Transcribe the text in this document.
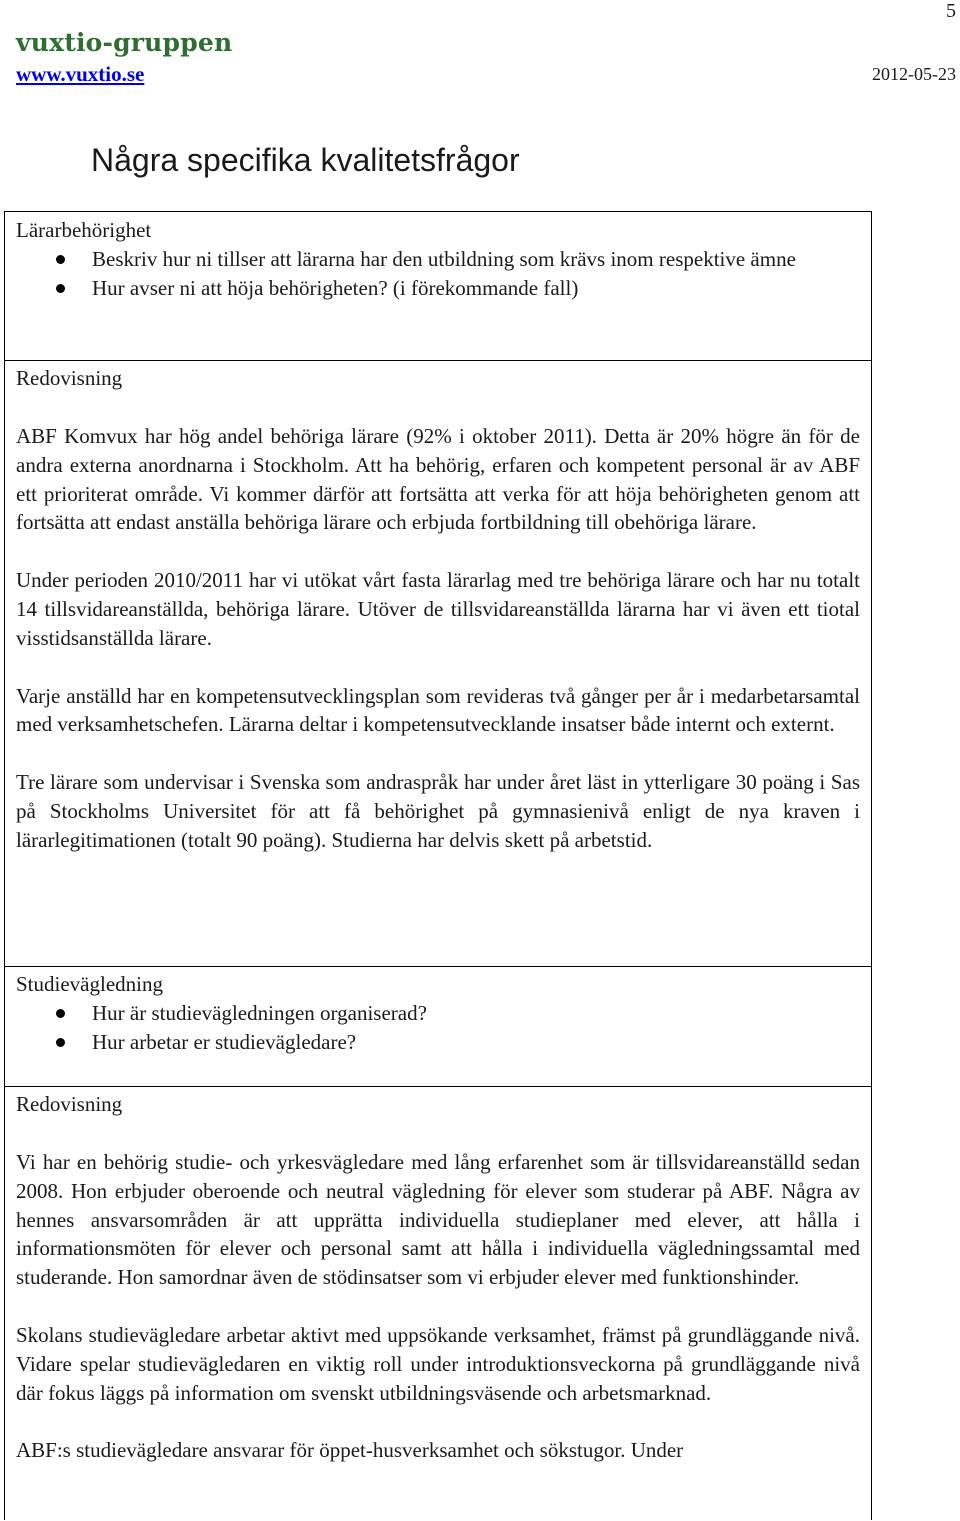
5
vuxtio-gruppen
www.vuxtio.se	2012-05-23
Några specifika kvalitetsfrågor

Lärarbehörighet

Beskriv hur ni tillser att lärarna har den utbildning som krävs inom respektive ämne
Hur avser ni att höja behörigheten? (i förekommande fall)

Redovisning

ABF Komvux har hög andel behöriga lärare (92% i oktober 2011). Detta är 20% högre än för de andra externa anordnarna i Stockholm. Att ha behörig, erfaren och kompetent personal är av ABF ett prioriterat område. Vi kommer därför att fortsätta att verka för att höja behörigheten genom att fortsätta att endast anställa behöriga lärare och erbjuda fortbildning till obehöriga lärare.

Under perioden 2010/2011 har vi utökat vårt fasta lärarlag med tre behöriga lärare och har nu totalt 14 tillsvidareanställda, behöriga lärare. Utöver de tillsvidareanställda lärarna har vi även ett tiotal visstidsanställda lärare.

Varje anställd har en kompetensutvecklingsplan som revideras två gånger per år i medarbetarsamtal med verksamhetschefen. Lärarna deltar i kompetensutvecklande insatser både internt och externt.

Tre lärare som undervisar i Svenska som andraspråk har under året läst in ytterligare 30 poäng i Sas på Stockholms Universitet för att få behörighet på gymnasienivå enligt de nya kraven i lärarlegitimationen (totalt 90 poäng). Studierna har delvis skett på arbetstid.

Studievägledning

Hur är studievägledningen organiserad?
Hur arbetar er studievägledare?

Redovisning

Vi har en behörig studie- och yrkesvägledare med lång erfarenhet som är tillsvidareanställd sedan 2008. Hon erbjuder oberoende och neutral vägledning för elever som studerar på ABF. Några av hennes ansvarsområden är att upprätta individuella studieplaner med elever, att hålla i informationsmöten för elever och personal samt att hålla i individuella vägledningssamtal med studerande. Hon samordnar även de stödinsatser som vi erbjuder elever med funktionshinder.

Skolans studievägledare arbetar aktivt med uppsökande verksamhet, främst på grundläggande nivå. Vidare spelar studievägledaren en viktig roll under introduktionsveckorna på grundläggande nivå där fokus läggs på information om svenskt utbildningsväsende och arbetsmarknad.

ABF:s studievägledare ansvarar för öppet-husverksamhet och sökstugor. Under
